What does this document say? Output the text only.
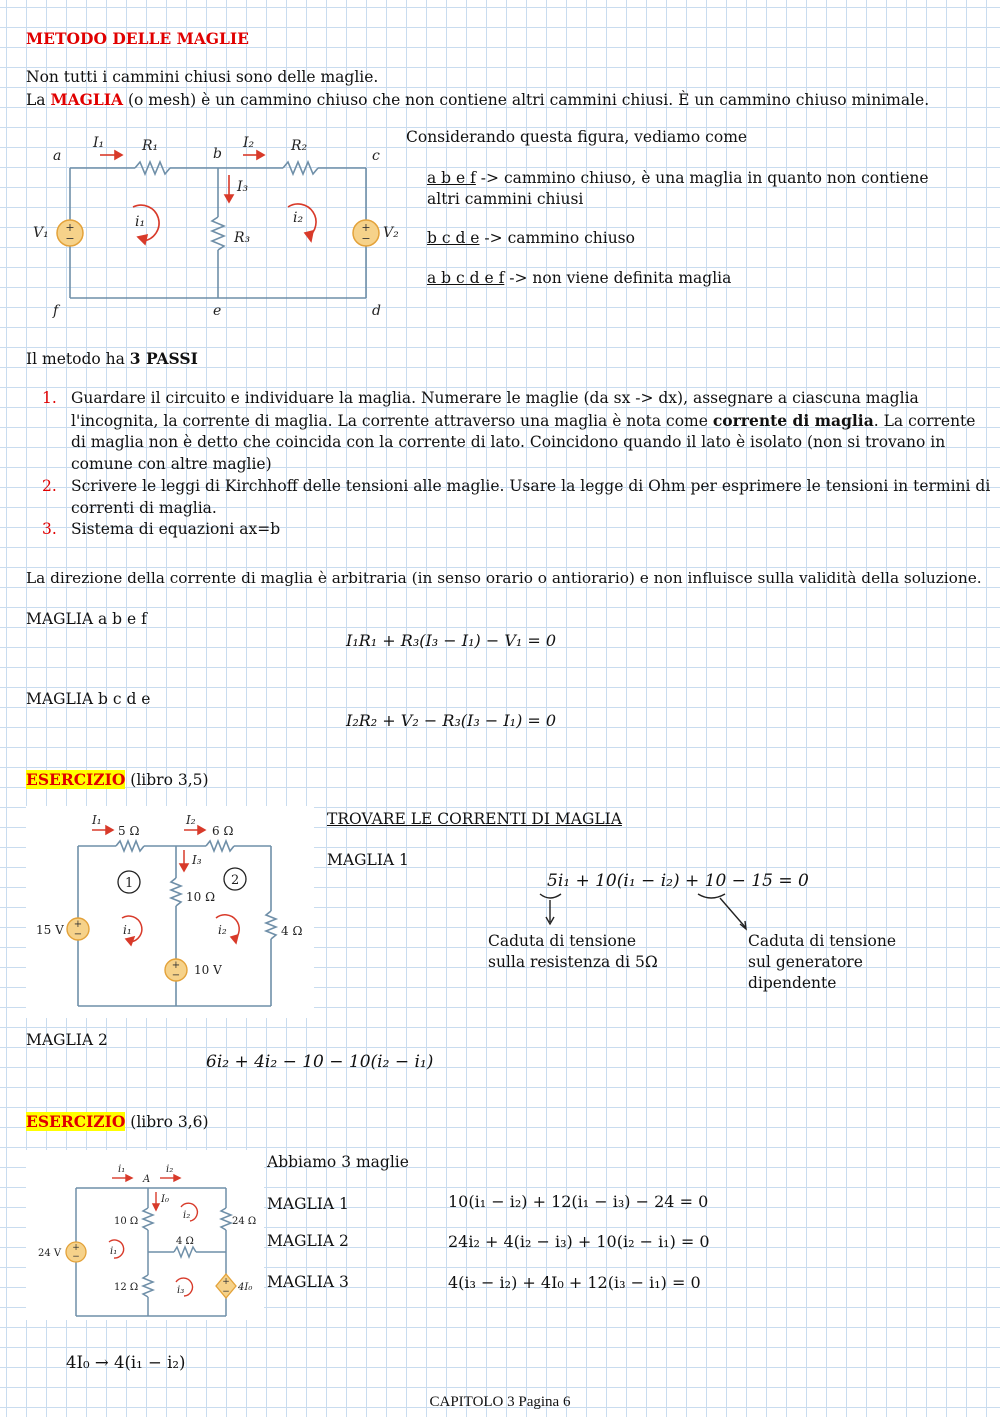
METODO DELLE MAGLIE
Non tutti i cammini chiusi sono delle maglie.
La MAGLIA (o mesh) è un cammino chiuso che non contiene altri cammini chiusi. È un cammino chiuso minimale.
+
−
+
−
a	b	c
d
e
f
I₁	I₂
I₃
R₁	R₂
R₃
V₁	V₂
i₁	i₂
Considerando questa figura, vediamo come
a b e f -> cammino chiuso, è una maglia in quanto non contiene
altri cammini chiusi
b c d e -> cammino chiuso
a b c d e f -> non viene definita maglia
Il metodo ha 3 PASSI
1. Guardare il circuito e individuare la maglia. Numerare le maglie (da sx -> dx), assegnare a ciascuna maglia l'incognita, la corrente di maglia. La corrente attraverso una maglia è nota come corrente di maglia. La corrente di maglia non è detto che coincida con la corrente di lato. Coincidono quando il lato è isolato (non si trovano in comune con altre maglie)
2. Scrivere le leggi di Kirchhoff delle tensioni alle maglie. Usare la legge di Ohm per esprimere le tensioni in termini di correnti di maglia.
3. Sistema di equazioni ax=b
La direzione della corrente di maglia è arbitraria (in senso orario o antiorario) e non influisce sulla validità della soluzione.
MAGLIA a b e f
I₁R₁ + R₃(I₃ − I₁) − V₁ = 0
MAGLIA b c d e
I₂R₂ + V₂ − R₃(I₃ − I₁) = 0
ESERCIZIO (libro 3,5)
+
−
+
−
5 Ω	6 Ω
10 Ω
4 Ω
15 V
10 V
I₁	I₂
I₃
i₁	i₂
1	2
TROVARE LE CORRENTI DI MAGLIA
MAGLIA 1
5i₁ + 10(i₁ − i₂) + 10 − 15 = 0
Caduta di tensione
sulla resistenza di 5Ω
Caduta di tensione
sul generatore
dipendente
MAGLIA 2
6i₂ + 4i₂ − 10 − 10(i₂ − i₁)
ESERCIZIO (libro 3,6)
+
−
+
−
i₁
A
i₂
I₀
10 Ω	24 Ω
4 Ω
12 Ω
24 V
4I₀
i₁
i₂
i₃
Abbiamo 3 maglie
MAGLIA 1	10(i₁ − i₂) + 12(i₁ − i₃) − 24 = 0
MAGLIA 2	24i₂ + 4(i₂ − i₃) + 10(i₂ − i₁) = 0
MAGLIA 3	4(i₃ − i₂) + 4I₀ + 12(i₃ − i₁) = 0
4I₀ → 4(i₁ − i₂)
CAPITOLO 3 Pagina 6
